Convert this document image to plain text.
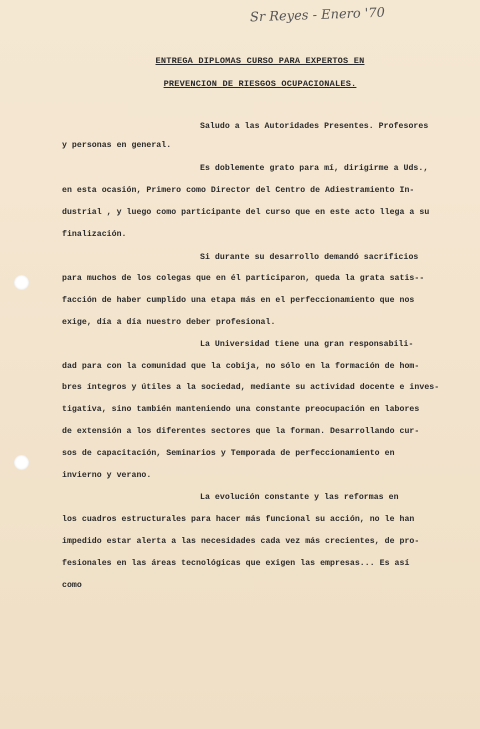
Sr Reyes - Enero '70
ENTREGA DIPLOMAS CURSO PARA EXPERTOS EN
PREVENCION DE RIESGOS OCUPACIONALES.
Saludo a las Autoridades Presentes. Profesores
y personas en general.
Es doblemente grato para mí, dirigirme a Uds.,
en esta ocasión, Primero como Director del Centro de Adiestramiento In-
dustrial , y luego como participante del curso que en este acto llega a su
finalización.
Si durante su desarrollo demandó sacrificios
para muchos de los colegas que en él participaron, queda la grata satis--
facción de haber cumplido una etapa más en el perfeccionamiento que nos
exige, día a día nuestro deber profesional.
La Universidad tiene una gran responsabili-
dad para con la comunidad que la cobija, no sólo en la formación de hom-
bres íntegros y útiles a la sociedad, mediante su actividad docente e inves-
tigativa, sino también manteniendo una constante preocupación en labores
de extensión a los diferentes sectores que la forman. Desarrollando cur-
sos de capacitación, Seminarios y Temporada de perfeccionamiento en
invierno y verano.
La evolución constante y las reformas en
los cuadros estructurales para hacer más funcional su acción, no le han
impedido estar alerta a las necesidades cada vez más crecientes, de pro-
fesionales en las áreas tecnológicas que exigen las empresas... Es así
como
